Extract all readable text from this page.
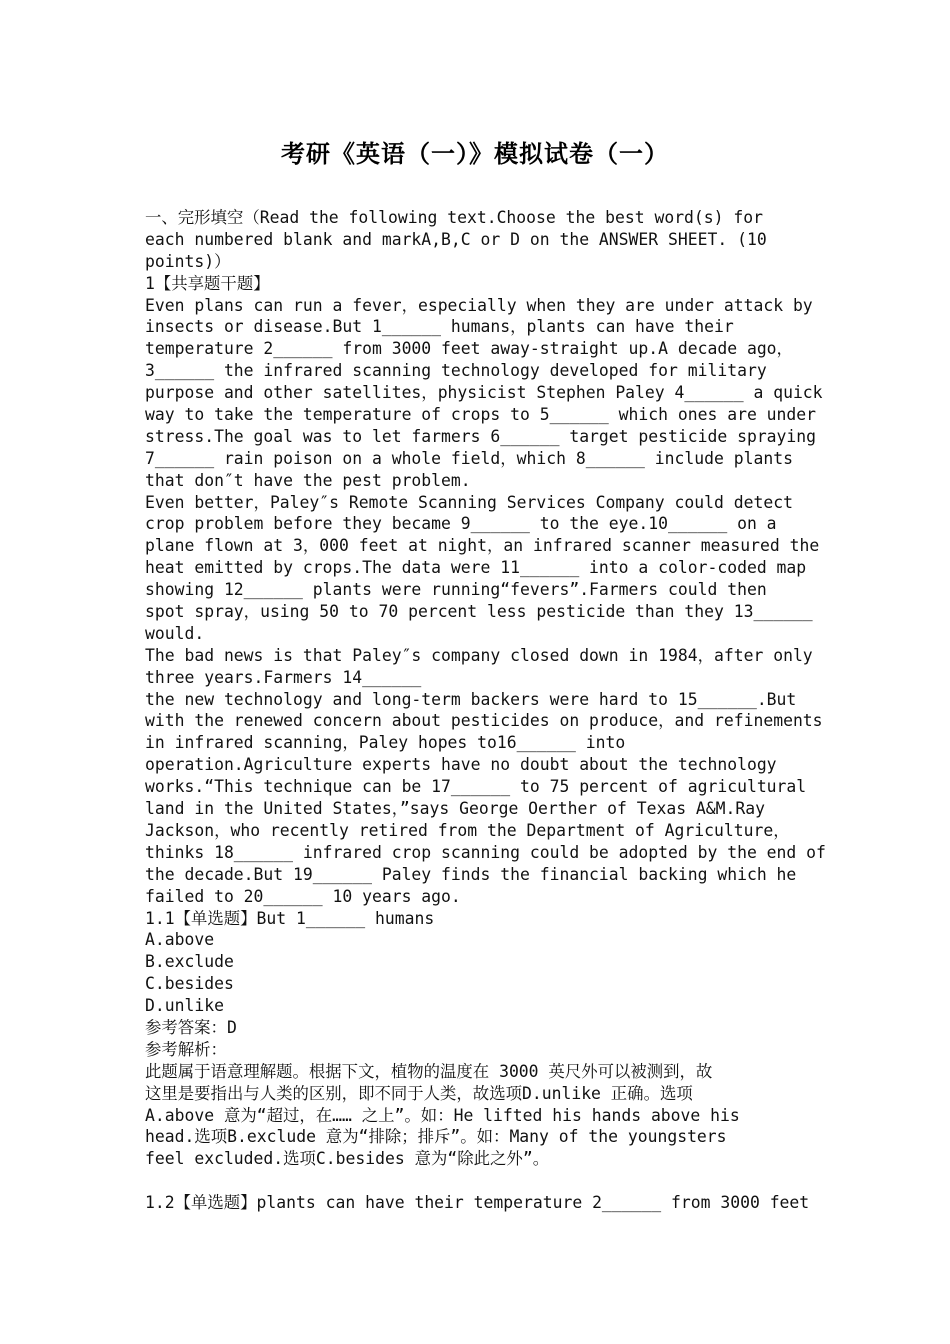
考研《英语（一）》模拟试卷（一）
一、完形填空（Read the following text.Choose the best word(s) for
each numbered blank and markA,B,C or D on the ANSWER SHEET. (10
points)）
1【共享题干题】
Even plans can run a fever，especially when they are under attack by
insects or disease.But 1______ humans，plants can have their
temperature 2______ from 3000 feet away-straight up.A decade ago，
3______ the infrared scanning technology developed for military
purpose and other satellites，physicist Stephen Paley 4______ a quick
way to take the temperature of crops to 5______ which ones are under
stress.The goal was to let farmers 6______ target pesticide spraying
7______ rain poison on a whole field，which 8______ include plants
that don″t have the pest problem.
Even better，Paley″s Remote Scanning Services Company could detect
crop problem before they became 9______ to the eye.10______ on a
plane flown at 3，000 feet at night，an infrared scanner measured the
heat emitted by crops.The data were 11______ into a color-coded map
showing 12______ plants were running“fevers”.Farmers could then
spot spray，using 50 to 70 percent less pesticide than they 13______
would.
The bad news is that Paley″s company closed down in 1984，after only
three years.Farmers 14______
the new technology and long-term backers were hard to 15______.But
with the renewed concern about pesticides on produce，and refinements
in infrared scanning，Paley hopes to16______ into
operation.Agriculture experts have no doubt about the technology
works.“This technique can be 17______ to 75 percent of agricultural
land in the United States，”says George Oerther of Texas A&M.Ray
Jackson，who recently retired from the Department of Agriculture，
thinks 18______ infrared crop scanning could be adopted by the end of
the decade.But 19______ Paley finds the financial backing which he
failed to 20______ 10 years ago.
1.1【单选题】But 1______ humans
A.above
B.exclude
C.besides
D.unlike
参考答案：D
参考解析：
此题属于语意理解题。根据下文，植物的温度在 3000 英尺外可以被测到，故
这里是要指出与人类的区别，即不同于人类，故选项D.unlike 正确。选项
A.above 意为“超过，在…… 之上”。如：He lifted his hands above his
head.选项B.exclude 意为“排除；排斥”。如：Many of the youngsters
feel excluded.选项C.besides 意为“除此之外”。
1.2【单选题】plants can have their temperature 2______ from 3000 feet
